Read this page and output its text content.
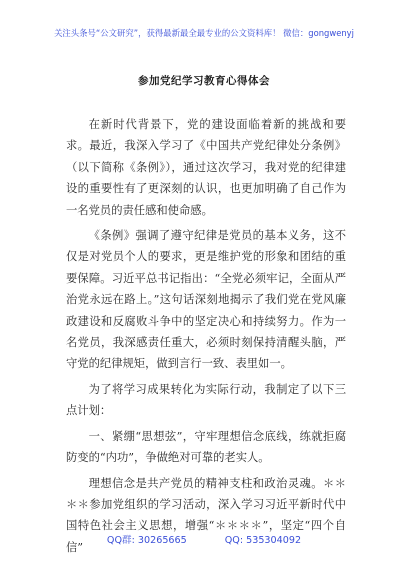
关注头条号“公文研究”，获得最新最全最专业的公文资料库！ 微信：gongwenyj
参加党纪学习教育心得体会

在新时代背景下，党的建设面临着新的挑战和要求。最近，我深入学习了《中国共产党纪律处分条例》（以下简称《条例》），通过这次学习，我对党的纪律建设的重要性有了更深刻的认识，也更加明确了自己作为一名党员的责任感和使命感。

《条例》强调了遵守纪律是党员的基本义务，这不仅是对党员个人的要求，更是维护党的形象和团结的重要保障。习近平总书记指出：“全党必须牢记，全面从严治党永远在路上。”这句话深刻地揭示了我们党在党风廉政建设和反腐败斗争中的坚定决心和持续努力。作为一名党员，我深感责任重大，必须时刻保持清醒头脑，严守党的纪律规矩，做到言行一致、表里如一。

为了将学习成果转化为实际行动，我制定了以下三点计划：

一、紧绷“思想弦”，守牢理想信念底线，练就拒腐防变的“内功”，争做绝对可靠的老实人。

理想信念是共产党员的精神支柱和政治灵魂。＊＊＊＊参加党组织的学习活动，深入学习习近平新时代中国特色社会主义思想，增强“＊＊＊＊”，坚定“四个自信”

QQ群: 30265665	QQ: 535304092
